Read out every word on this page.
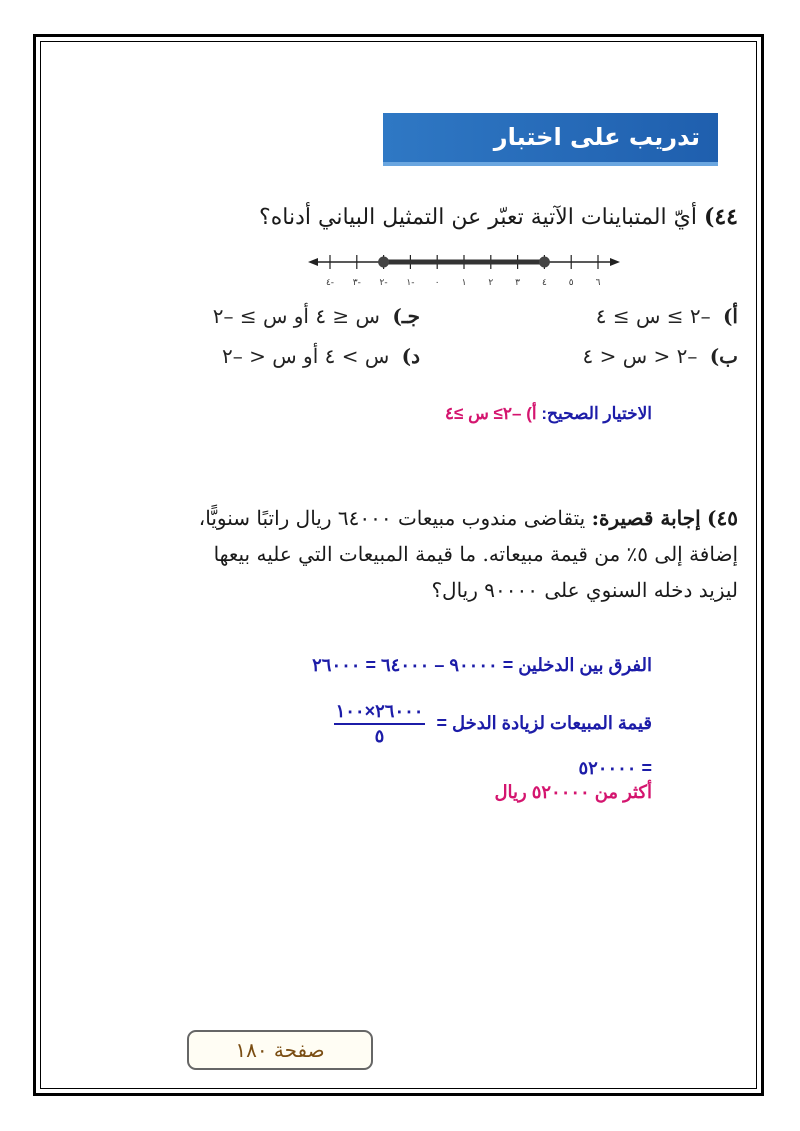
تدريب على اختبار
٤٤) أيّ المتباينات الآتية تعبّر عن التمثيل البياني أدناه؟
٤- ٣- ٢- ١- ٠ ١ ٢ ٣ ٤ ٥ ٦
أ) –٢ ≥ س ≥ ٤
جـ) س ≤ ٤ أو س ≥ –٢
ب) –٢ < س < ٤
د) س > ٤ أو س < –٢
الاختيار الصحيح: أ) –٢≥ س ≥٤
٤٥) إجابة قصيرة: يتقاضى مندوب مبيعات ٦٤٠٠٠ ريال راتبًا سنويًّا، إضافة إلى ٥٪ من قيمة مبيعاته. ما قيمة المبيعات التي عليه بيعها ليزيد دخله السنوي على ٩٠٠٠٠ ريال؟
الفرق بين الدخلين = ٩٠٠٠٠ – ٦٤٠٠٠ = ٢٦٠٠٠
قيمة المبيعات لزيادة الدخل =
$\frac{٢٦٠٠٠\times ١٠٠}{٥}$
= ٥٢٠٠٠٠
أكثر من ٥٢٠٠٠٠ ريال
صفحة ١٨٠
